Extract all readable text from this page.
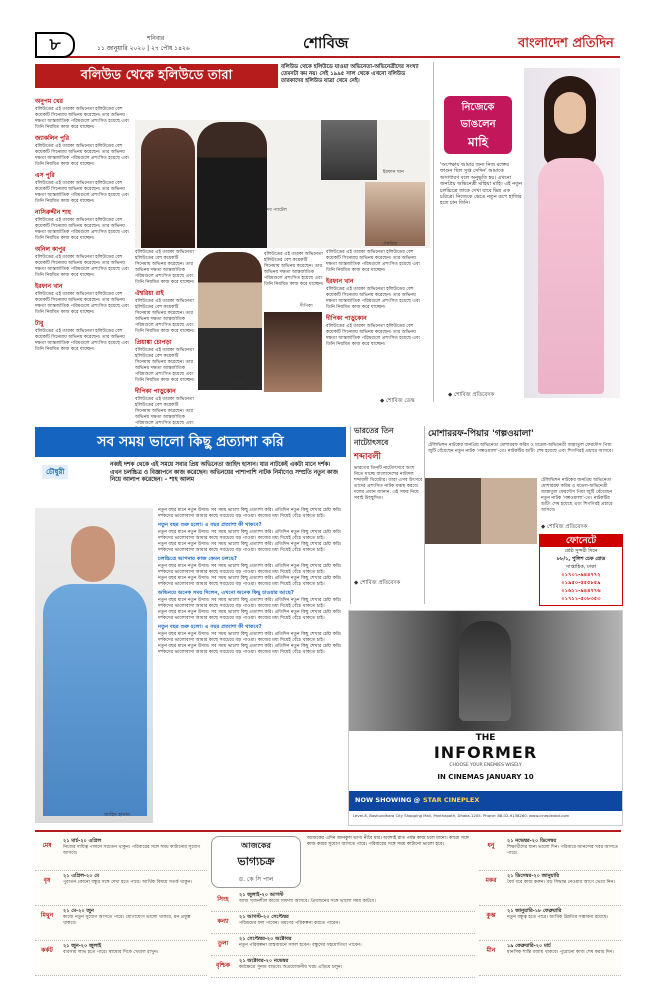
৮	শনিবার
১১ জানুয়ারি ২০২০ | ২৭ পৌষ ১৪২৬	শোবিজ	বাংলাদেশ প্রতিদিন
বলিউড থেকে হলিউডে তারা
বলিউড থেকে হলিউডে যাওয়া অভিনেতা-অভিনেত্রীদের সংখ্যা তেমনটা কম নয়। সেই ১৯৯৫ সাল থেকে এখনো বলিউড তারকাদের হলিউড যাত্রা থেমে নেই।
অনুপম খের
বলিউডের এই তারকা অভিনেতা হলিউডের বেশ কয়েকটি সিনেমায় অভিনয় করেছেন। তার অভিনয় দক্ষতা আন্তর্জাতিক পরিমণ্ডলে প্রশংসিত হয়েছে এবং তিনি নিয়মিত কাজ করে যাচ্ছেন।
জ্যাকলিন পুরি
বলিউডের এই তারকা অভিনেতা হলিউডের বেশ কয়েকটি সিনেমায় অভিনয় করেছেন। তার অভিনয় দক্ষতা আন্তর্জাতিক পরিমণ্ডলে প্রশংসিত হয়েছে এবং তিনি নিয়মিত কাজ করে যাচ্ছেন।
এস পুরি
বলিউডের এই তারকা অভিনেতা হলিউডের বেশ কয়েকটি সিনেমায় অভিনয় করেছেন। তার অভিনয় দক্ষতা আন্তর্জাতিক পরিমণ্ডলে প্রশংসিত হয়েছে এবং তিনি নিয়মিত কাজ করে যাচ্ছেন।
নাসিরুদ্দীন শাহ
বলিউডের এই তারকা অভিনেতা হলিউডের বেশ কয়েকটি সিনেমায় অভিনয় করেছেন। তার অভিনয় দক্ষতা আন্তর্জাতিক পরিমণ্ডলে প্রশংসিত হয়েছে এবং তিনি নিয়মিত কাজ করে যাচ্ছেন।
অনিল কাপুর
বলিউডের এই তারকা অভিনেতা হলিউডের বেশ কয়েকটি সিনেমায় অভিনয় করেছেন। তার অভিনয় দক্ষতা আন্তর্জাতিক পরিমণ্ডলে প্রশংসিত হয়েছে এবং তিনি নিয়মিত কাজ করে যাচ্ছেন।
ইরফান খান
বলিউডের এই তারকা অভিনেতা হলিউডের বেশ কয়েকটি সিনেমায় অভিনয় করেছেন। তার অভিনয় দক্ষতা আন্তর্জাতিক পরিমণ্ডলে প্রশংসিত হয়েছে এবং তিনি নিয়মিত কাজ করে যাচ্ছেন।
টাবু
বলিউডের এই তারকা অভিনেতা হলিউডের বেশ কয়েকটি সিনেমায় অভিনয় করেছেন। তার অভিনয় দক্ষতা আন্তর্জাতিক পরিমণ্ডলে প্রশংসিত হয়েছে এবং তিনি নিয়মিত কাজ করে যাচ্ছেন।
দেব প্যাটেল
ইরফান খান
ঐশ্বরিয়া
বলিউডের এই তারকা অভিনেতা হলিউডের বেশ কয়েকটি সিনেমায় অভিনয় করেছেন। তার অভিনয় দক্ষতা আন্তর্জাতিক পরিমণ্ডলে প্রশংসিত হয়েছে এবং তিনি নিয়মিত কাজ করে যাচ্ছেন।
ঐশ্বরিয়া রাই
বলিউডের এই তারকা অভিনেতা হলিউডের বেশ কয়েকটি সিনেমায় অভিনয় করেছেন। তার অভিনয় দক্ষতা আন্তর্জাতিক পরিমণ্ডলে প্রশংসিত হয়েছে এবং তিনি নিয়মিত কাজ করে যাচ্ছেন।
প্রিয়াঙ্কা চোপড়া
বলিউডের এই তারকা অভিনেতা হলিউডের বেশ কয়েকটি সিনেমায় অভিনয় করেছেন। তার অভিনয় দক্ষতা আন্তর্জাতিক পরিমণ্ডলে প্রশংসিত হয়েছে এবং তিনি নিয়মিত কাজ করে যাচ্ছেন।
দীপিকা পাড়ুকোন
বলিউডের এই তারকা অভিনেতা হলিউডের বেশ কয়েকটি সিনেমায় অভিনয় করেছেন। তার অভিনয় দক্ষতা আন্তর্জাতিক পরিমণ্ডলে প্রশংসিত হয়েছে এবং
প্রিয়াঙ্কা
বলিউডের এই তারকা অভিনেতা হলিউডের বেশ কয়েকটি সিনেমায় অভিনয় করেছেন। তার অভিনয় দক্ষতা আন্তর্জাতিক পরিমণ্ডলে প্রশংসিত হয়েছে এবং তিনি নিয়মিত কাজ করে যাচ্ছেন।
দীপিকা
বলিউডের এই তারকা অভিনেতা হলিউডের বেশ কয়েকটি সিনেমায় অভিনয় করেছেন। তার অভিনয় দক্ষতা আন্তর্জাতিক পরিমণ্ডলে প্রশংসিত হয়েছে এবং তিনি নিয়মিত কাজ করে যাচ্ছেন।
ইরফান খান
বলিউডের এই তারকা অভিনেতা হলিউডের বেশ কয়েকটি সিনেমায় অভিনয় করেছেন। তার অভিনয় দক্ষতা আন্তর্জাতিক পরিমণ্ডলে প্রশংসিত হয়েছে এবং তিনি নিয়মিত কাজ করে যাচ্ছেন।
দীপিকা পাড়ুকোন
বলিউডের এই তারকা অভিনেতা হলিউডের বেশ কয়েকটি সিনেমায় অভিনয় করেছেন। তার অভিনয় দক্ষতা আন্তর্জাতিক পরিমণ্ডলে প্রশংসিত হয়েছে এবং তিনি নিয়মিত কাজ করে যাচ্ছেন।
◆ শোবিজ ডেস্ক
নিজেকে
ভাঙলেন
মাহি
'অপেক্ষায় আমার জন্য নিজ রক্তের ফাগুন ছিল সুপ্ত সেদিন' আমাকে অসাধারণ বলে অনুভূতি হয়। এখনো জনপ্রিয় অভিনেত্রী মাহিয়া মাহি। এই নতুন চলচ্চিত্রে তাকে দেখা যাবে ভিন্ন এক চরিত্রে। নিজেকে ভেঙে নতুন রূপে হাজির হতে চান তিনি।
◆ শোবিজ প্রতিবেদক
সব সময় ভালো কিছু প্রত্যাশা করি
চৌধুরী
নব্বই দশক থেকে এই সময়ে সবার প্রিয় অভিনেতা জাহিদ হাসান। যার নাটকেই একটা মানে দর্শক। এখন চলচ্চিত্র ও বিজ্ঞাপনে কাজ করেছেন। অভিনয়ের পাশাপাশি নাটক নির্মাণেও সম্প্রতি নতুন কাজ নিয়ে আলাপ করেছেন। – শাহ আলম
জাহিদ হাসান
নতুন বছর মানে নতুন উদ্যম। সব সময় ভালো কিছু প্রত্যাশা করি। প্রতিদিন নতুন কিছু শেখার চেষ্টা করি। দর্শকদের ভালোবাসা আমার কাছে সবচেয়ে বড় পাওয়া। কাজের মধ্য দিয়েই বেঁচে থাকতে চাই।
নতুন বছর শুরু হলো। এ বছর প্রত্যাশা কী থাকবে?
নতুন বছর মানে নতুন উদ্যম। সব সময় ভালো কিছু প্রত্যাশা করি। প্রতিদিন নতুন কিছু শেখার চেষ্টা করি। দর্শকদের ভালোবাসা আমার কাছে সবচেয়ে বড় পাওয়া। কাজের মধ্য দিয়েই বেঁচে থাকতে চাই।
নতুন বছর মানে নতুন উদ্যম। সব সময় ভালো কিছু প্রত্যাশা করি। প্রতিদিন নতুন কিছু শেখার চেষ্টা করি। দর্শকদের ভালোবাসা আমার কাছে সবচেয়ে বড় পাওয়া। কাজের মধ্য দিয়েই বেঁচে থাকতে চাই।
চলচ্চিত্রে আপনার কাজ কেমন চলছে?
নতুন বছর মানে নতুন উদ্যম। সব সময় ভালো কিছু প্রত্যাশা করি। প্রতিদিন নতুন কিছু শেখার চেষ্টা করি। দর্শকদের ভালোবাসা আমার কাছে সবচেয়ে বড় পাওয়া। কাজের মধ্য দিয়েই বেঁচে থাকতে চাই।
নতুন বছর মানে নতুন উদ্যম। সব সময় ভালো কিছু প্রত্যাশা করি। প্রতিদিন নতুন কিছু শেখার চেষ্টা করি। দর্শকদের ভালোবাসা আমার কাছে সবচেয়ে বড় পাওয়া। কাজের মধ্য দিয়েই বেঁচে থাকতে চাই।
অভিনয়ে অনেক সময় দিলেন, এখনো অনেক কিছু চাওয়ার আছে?
নতুন বছর মানে নতুন উদ্যম। সব সময় ভালো কিছু প্রত্যাশা করি। প্রতিদিন নতুন কিছু শেখার চেষ্টা করি। দর্শকদের ভালোবাসা আমার কাছে সবচেয়ে বড় পাওয়া। কাজের মধ্য দিয়েই বেঁচে থাকতে চাই।
নতুন বছর মানে নতুন উদ্যম। সব সময় ভালো কিছু প্রত্যাশা করি। প্রতিদিন নতুন কিছু শেখার চেষ্টা করি। দর্শকদের ভালোবাসা আমার কাছে সবচেয়ে বড় পাওয়া। কাজের মধ্য দিয়েই বেঁচে থাকতে চাই।
নতুন বছর শুরু হলো। এ বছর প্রত্যাশা কী থাকবে?
নতুন বছর মানে নতুন উদ্যম। সব সময় ভালো কিছু প্রত্যাশা করি। প্রতিদিন নতুন কিছু শেখার চেষ্টা করি। দর্শকদের ভালোবাসা আমার কাছে সবচেয়ে বড় পাওয়া। কাজের মধ্য দিয়েই বেঁচে থাকতে চাই।
নতুন বছর মানে নতুন উদ্যম। সব সময় ভালো কিছু প্রত্যাশা করি। প্রতিদিন নতুন কিছু শেখার চেষ্টা করি। দর্শকদের ভালোবাসা আমার কাছে সবচেয়ে বড় পাওয়া। কাজের মধ্য দিয়েই বেঁচে থাকতে চাই।
ভারতের তিন
নাট্যোৎসবে
শব্দাবলী
ভারতের তিনটি নাট্যোৎসবে অংশ নিতে যাচ্ছে বাংলাদেশের নাট্যদল শব্দাবলী থিয়েটার। তারা এসব উৎসবে তাদের প্রশংসিত নাটক মঞ্চস্থ করবে। দলের প্রধান জানান, এই সফর নিয়ে সবাই উচ্ছ্বসিত।
◆ শোবিজ প্রতিবেদক
মোশাররফ-পিয়ার 'গল্পওয়ালা'
টেলিভিশন নাটকের জনপ্রিয় অভিনেতা মোশাররফ করিম ও মডেল-অভিনেত্রী জান্নাতুল ফেরদৌস পিয়া জুটি বেঁধেছেন নতুন নাটক 'গল্পওয়ালা'-তে। নাটকটির শুটিং শেষ হয়েছে এবং শিগগিরই প্রচারে আসবে।
টেলিভিশন নাটকের জনপ্রিয় অভিনেতা মোশাররফ করিম ও মডেল-অভিনেত্রী জান্নাতুল ফেরদৌস পিয়া জুটি বেঁধেছেন নতুন নাটক 'গল্পওয়ালা'-তে। নাটকটির শুটিং শেষ হয়েছে এবং শিগগিরই প্রচারে আসবে।
◆ শোবিজ প্রতিবেদক
ফোনেটে
শ্রেষ্ঠ সুন্দরী দিনে
৮৮/১, পুলিশ চেক রোড
সাপ্তাহিক, ঢাকা
০১৭০১-৯৪৪৭৭২
০১৯৫০-৫৫৫৮৫৯
০১৬১১-৯৪৪৭৭৬
০১৭১১-৫০৮৩৫৩
THE
INFORMER
CHOOSE YOUR ENEMIES WISELY
IN CINEMAS JANUARY 10
NOW SHOWING @ STAR CINEPLEX
Level-8, Bashundhara City Shopping Mall, Panthapath, Dhaka-1205. Phone: 88-02-9138260. www.cineplexbd.com
আজকের
ভাগ্যচক্র
ড. কে সি পাল
আজকের এদিন জানকুল ভাগ্য নীবৈ মার। অবশ্যই রাত পর্যন্ত কাজ চলে মানো। কারো সঙ্গে কাজ করার সুযোগ আসতে পারে। পরিবারের সঙ্গে সময় কাটানো ভালো হবে।
মেষ
২১ মার্চ-২০ এপ্রিল
নিজের দায়িত্ব পালনে সচেতন থাকুন। পরিবারের সঙ্গে সময় কাটানোর সুযোগ আসবে।
বৃষ
২১ এপ্রিল-২০ মে
পুরাতন কোনো বন্ধুর সঙ্গে দেখা হতে পারে। আর্থিক বিষয়ে সতর্ক থাকুন।
মিথুন
২১ মে-২০ জুন
কাজে নতুন সুযোগ আসতে পারে। যোগাযোগ ভালো থাকবে, মন প্রফুল্ল থাকবে।
কর্কট
২১ জুন-২০ জুলাই
ব্যবসায় লাভ হতে পারে। স্বাস্থ্যের দিকে খেয়াল রাখুন।
সিংহ
২১ জুলাই-২০ আগস্ট
আজ সৃজনশীল কাজে সাফল্য আসবে। প্রিয়জনের সঙ্গে ভালো সময় কাটবে।
কন্যা
২১ আগস্ট-২০ সেপ্টেম্বর
পরিশ্রমের ফল পাবেন। ভ্রমণের পরিকল্পনা করতে পারেন।
তুলা
২১ সেপ্টেম্বর-২০ অক্টোবর
নতুন পরিকল্পনা বাস্তবায়নে সফল হবেন। বন্ধুদের সহযোগিতা পাবেন।
বৃশ্চিক
২১ অক্টোবর-২০ নভেম্বর
কর্মক্ষেত্রে সুনাম বাড়বে। অপ্রয়োজনীয় খরচ এড়িয়ে চলুন।
ধনু
২১ নভেম্বর-২০ ডিসেম্বর
শিক্ষার্থীদের জন্য ভালো দিন। পরিবারে আনন্দের খবর আসতে পারে।
মকর
২১ ডিসেম্বর-২০ জানুয়ারি
ধৈর্য ধরে কাজ করুন। বড় সিদ্ধান্ত নেওয়ার আগে ভেবে নিন।
কুম্ভ
২১ জানুয়ারি-১৮ ফেব্রুয়ারি
নতুন বন্ধুত্ব হতে পারে। আর্থিক উন্নতির সম্ভাবনা রয়েছে।
মীন
১৯ ফেব্রুয়ারি-২০ মার্চ
মানসিক শান্তি বজায় থাকবে। পুরোনো কাজ শেষ করার দিন।
